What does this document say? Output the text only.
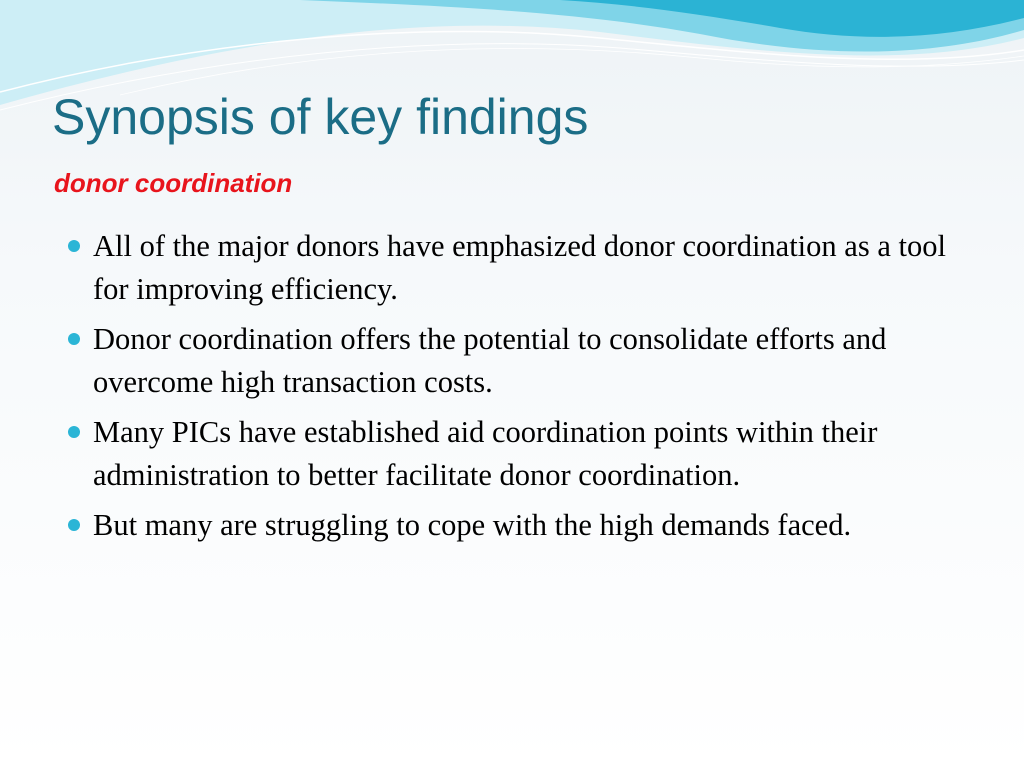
Synopsis of key findings
donor coordination
All of the major donors have emphasized donor coordination as a tool for improving efficiency.
Donor coordination offers the potential to consolidate efforts and overcome high transaction costs.
Many PICs have established aid coordination points within their administration to better facilitate donor coordination.
But many are struggling to cope with the high demands faced.
